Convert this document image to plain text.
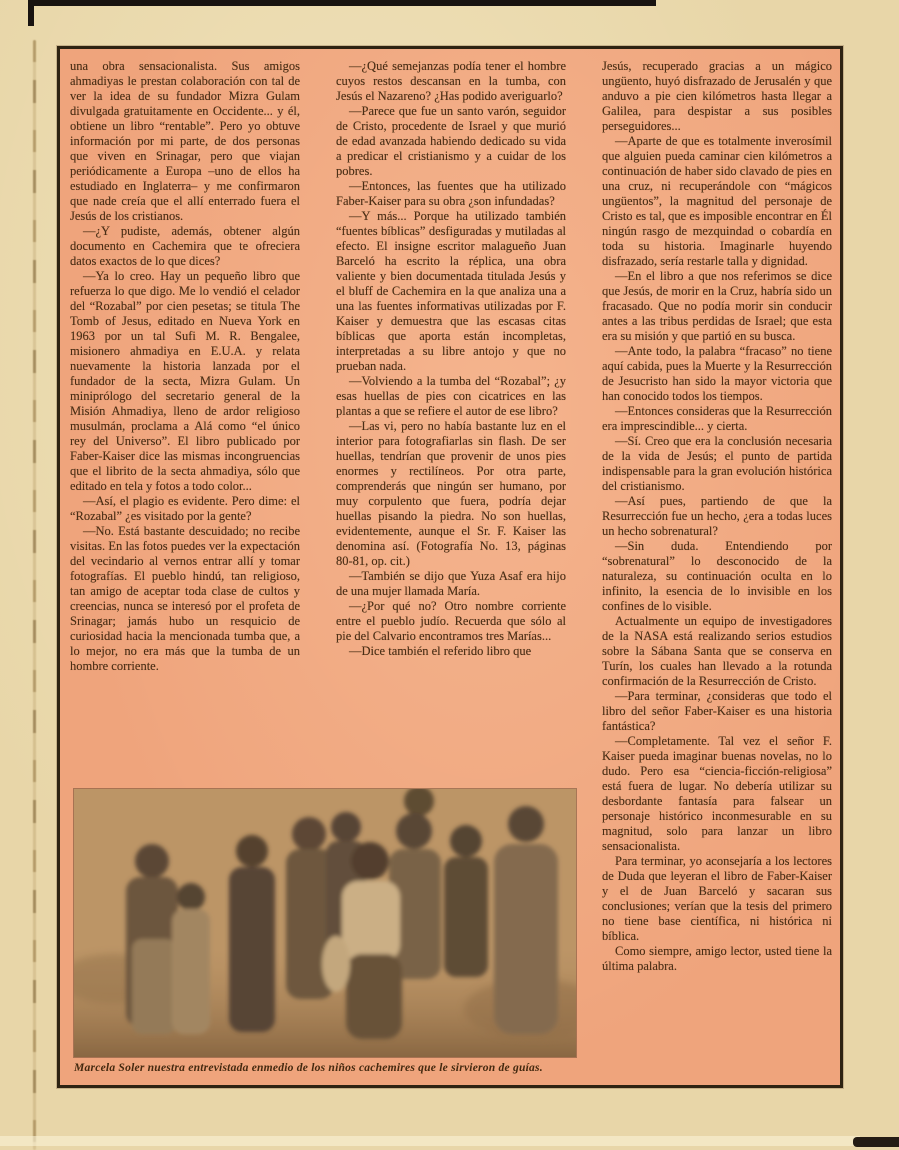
una obra sensacionalista. Sus amigos ahmadiyas le prestan colaboración con tal de ver la idea de su fundador Mizra Gulam divulgada gratuitamente en Occidente... y él, obtiene un libro “rentable”. Pero yo obtuve información por mi parte, de dos personas que viven en Srinagar, pero que viajan periódicamente a Europa –uno de ellos ha estudiado en Inglaterra– y me confirmaron que nade creía que el allí enterrado fuera el Jesús de los cristianos.

—¿Y pudiste, además, obtener algún documento en Cachemira que te ofreciera datos exactos de lo que dices?

—Ya lo creo. Hay un pequeño libro que refuerza lo que digo. Me lo vendió el celador del “Rozabal” por cien pesetas; se titula The Tomb of Jesus, editado en Nueva York en 1963 por un tal Sufi M. R. Bengalee, misionero ahmadiya en E.U.A. y relata nuevamente la historia lanzada por el fundador de la secta, Mizra Gulam. Un miniprólogo del secretario general de la Misión Ahmadiya, lleno de ardor religioso musulmán, proclama a Alá como “el único rey del Universo”. El libro publicado por Faber-Kaiser dice las mismas incongruencias que el librito de la secta ahmadiya, sólo que editado en tela y fotos a todo color...

—Así, el plagio es evidente. Pero dime: el “Rozabal” ¿es visitado por la gente?

—No. Está bastante descuidado; no recibe visitas. En las fotos puedes ver la expectación del vecindario al vernos entrar allí y tomar fotografías. El pueblo hindú, tan religioso, tan amigo de aceptar toda clase de cultos y creencias, nunca se interesó por el profeta de Srinagar; jamás hubo un resquicio de curiosidad hacia la mencionada tumba que, a lo mejor, no era más que la tumba de un hombre corriente.

—¿Qué semejanzas podía tener el hombre cuyos restos descansan en la tumba, con Jesús el Nazareno? ¿Has podido averiguarlo?

—Parece que fue un santo varón, seguidor de Cristo, procedente de Israel y que murió de edad avanzada habiendo dedicado su vida a predicar el cristianismo y a cuidar de los pobres.

—Entonces, las fuentes que ha utilizado Faber-Kaiser para su obra ¿son infundadas?

—Y más... Porque ha utilizado también “fuentes bíblicas” desfiguradas y mutiladas al efecto. El insigne escritor malagueño Juan Barceló ha escrito la réplica, una obra valiente y bien documentada titulada Jesús y el bluff de Cachemira en la que analiza una a una las fuentes informativas utilizadas por F. Kaiser y demuestra que las escasas citas bíblicas que aporta están incompletas, interpretadas a su libre antojo y que no prueban nada.

—Volviendo a la tumba del “Rozabal”; ¿y esas huellas de pies con cicatrices en las plantas a que se refiere el autor de ese libro?

—Las vi, pero no había bastante luz en el interior para fotografiarlas sin flash. De ser huellas, tendrían que provenir de unos pies enormes y rectilíneos. Por otra parte, comprenderás que ningún ser humano, por muy corpulento que fuera, podría dejar huellas pisando la piedra. No son huellas, evidentemente, aunque el Sr. F. Kaiser las denomina así. (Fotografía No. 13, páginas 80-81, op. cit.)

—También se dijo que Yuza Asaf era hijo de una mujer llamada María.

—¿Por qué no? Otro nombre corriente entre el pueblo judío. Recuerda que sólo al pie del Calvario encontramos tres Marías...

—Dice también el referido libro que

Jesús, recuperado gracias a un mágico ungüento, huyó disfrazado de Jerusalén y que anduvo a pie cien kilómetros hasta llegar a Galilea, para despistar a sus posibles perseguidores...

—Aparte de que es totalmente inverosímil que alguien pueda caminar cien kilómetros a continuación de haber sido clavado de pies en una cruz, ni recuperándole con “mágicos ungüentos”, la magnitud del personaje de Cristo es tal, que es imposible encontrar en Él ningún rasgo de mezquindad o cobardía en toda su historia. Imaginarle huyendo disfrazado, sería restarle talla y dignidad.

—En el libro a que nos referimos se dice que Jesús, de morir en la Cruz, habría sido un fracasado. Que no podía morir sin conducir antes a las tribus perdidas de Israel; que esta era su misión y que partió en su busca.

—Ante todo, la palabra “fracaso” no tiene aquí cabida, pues la Muerte y la Resurrección de Jesucristo han sido la mayor victoria que han conocido todos los tiempos.

—Entonces consideras que la Resurrección era imprescindible... y cierta.

—Sí. Creo que era la conclusión necesaria de la vida de Jesús; el punto de partida indispensable para la gran evolución histórica del cristianismo.

—Así pues, partiendo de que la Resurrección fue un hecho, ¿era a todas luces un hecho sobrenatural?

—Sin duda. Entendiendo por “sobrenatural” lo desconocido de la naturaleza, su continuación oculta en lo infinito, la esencia de lo invisible en los confines de lo visible.

Actualmente un equipo de investigadores de la NASA está realizando serios estudios sobre la Sábana Santa que se conserva en Turín, los cuales han llevado a la rotunda confirmación de la Resurrección de Cristo.

—Para terminar, ¿consideras que todo el libro del señor Faber-Kaiser es una historia fantástica?

—Completamente. Tal vez el señor F. Kaiser pueda imaginar buenas novelas, no lo dudo. Pero esa “ciencia-ficción-religiosa” está fuera de lugar. No debería utilizar su desbordante fantasía para falsear un personaje histórico inconmesurable en su magnitud, solo para lanzar un libro sensacionalista.

Para terminar, yo aconsejaría a los lectores de Duda que leyeran el libro de Faber-Kaiser y el de Juan Barceló y sacaran sus conclusiones; verían que la tesis del primero no tiene base científica, ni histórica ni bíblica.

Como siempre, amigo lector, usted tiene la última palabra.

Marcela Soler nuestra entrevistada enmedio de los niños cachemires que le sirvieron de guías.
